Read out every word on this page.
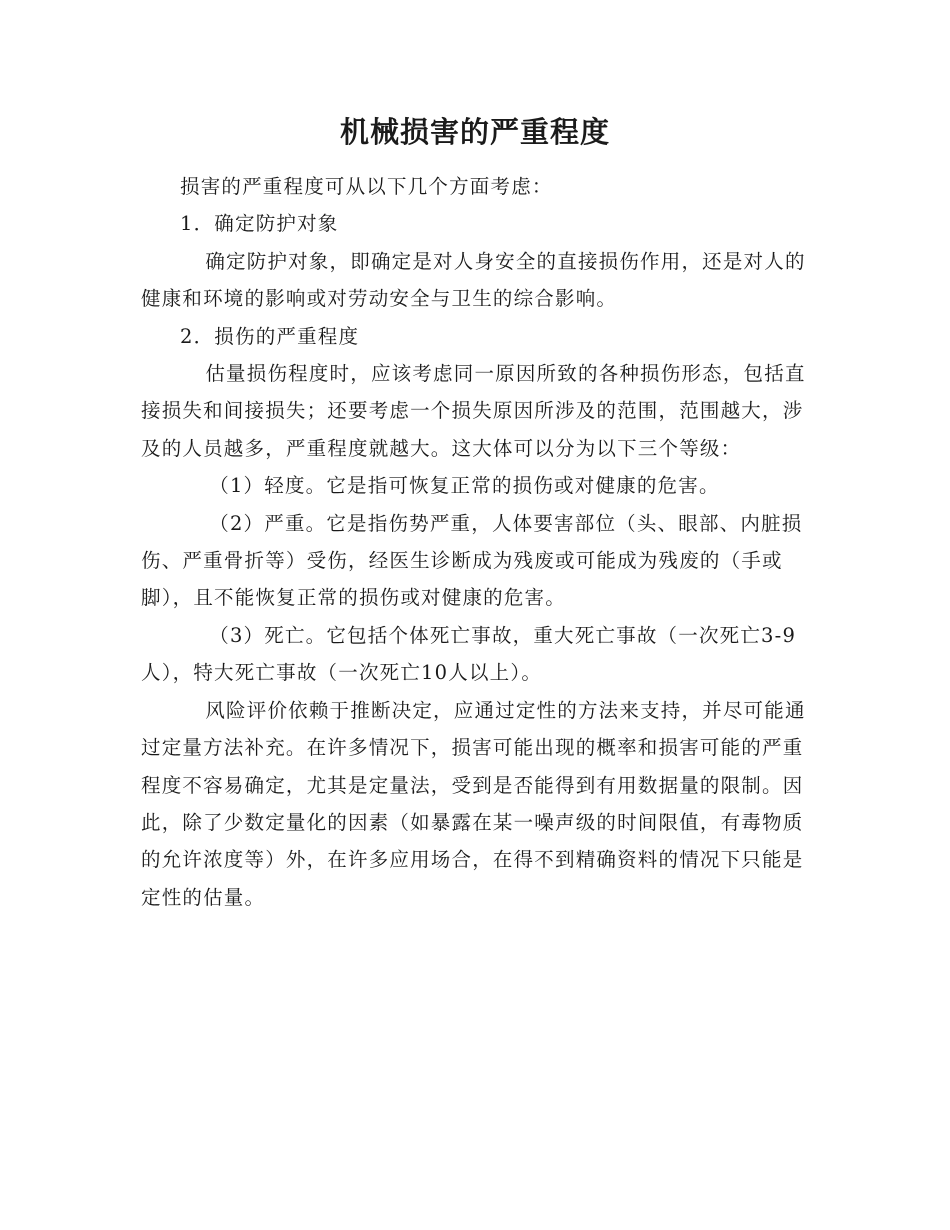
机械损害的严重程度

损害的严重程度可从以下几个方面考虑：

1．确定防护对象

确定防护对象，即确定是对人身安全的直接损伤作用，还是对人的健康和环境的影响或对劳动安全与卫生的综合影响。

2．损伤的严重程度

估量损伤程度时，应该考虑同一原因所致的各种损伤形态，包括直接损失和间接损失；还要考虑一个损失原因所涉及的范围，范围越大，涉及的人员越多，严重程度就越大。这大体可以分为以下三个等级：

（1）轻度。它是指可恢复正常的损伤或对健康的危害。

（2）严重。它是指伤势严重，人体要害部位（头、眼部、内脏损伤、严重骨折等）受伤，经医生诊断成为残废或可能成为残废的（手或脚），且不能恢复正常的损伤或对健康的危害。

（3）死亡。它包括个体死亡事故，重大死亡事故（一次死亡3-9人），特大死亡事故（一次死亡10人以上）。

风险评价依赖于推断决定，应通过定性的方法来支持，并尽可能通过定量方法补充。在许多情况下，损害可能出现的概率和损害可能的严重程度不容易确定，尤其是定量法，受到是否能得到有用数据量的限制。因此，除了少数定量化的因素（如暴露在某一噪声级的时间限值，有毒物质的允许浓度等）外，在许多应用场合，在得不到精确资料的情况下只能是定性的估量。
